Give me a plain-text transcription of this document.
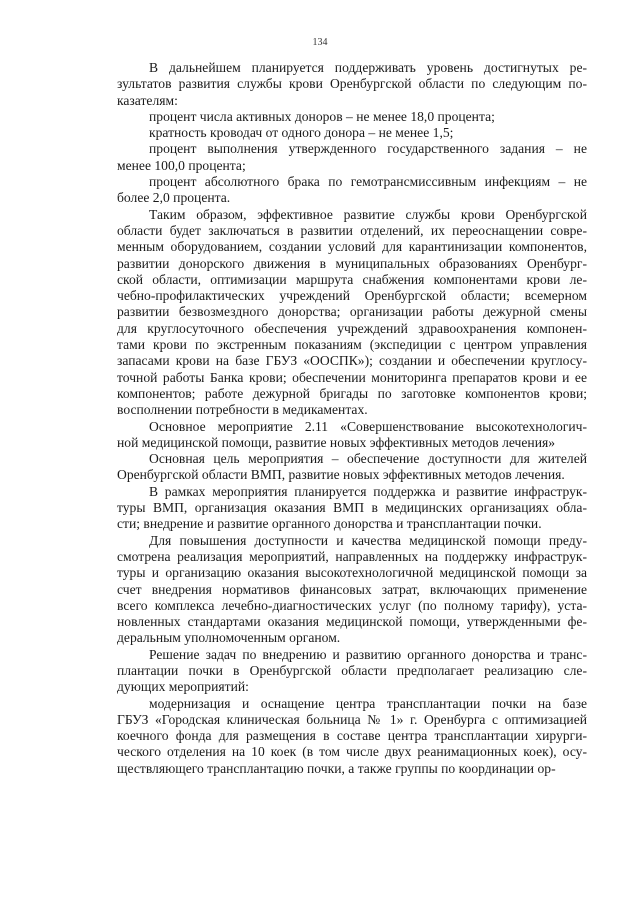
134

В дальнейшем планируется поддерживать уровень достигнутых ре-
зультатов развития службы крови Оренбургской области по следующим по-
казателям:

процент числа активных доноров – не менее 18,0 процента;

кратность кроводач от одного донора – не менее 1,5;

процент выполнения утвержденного государственного задания – не
менее 100,0 процента;

процент абсолютного брака по гемотрансмиссивным инфекциям – не
более 2,0 процента.

Таким образом, эффективное развитие службы крови Оренбургской
области будет заключаться в развитии отделений, их переоснащении совре-
менным оборудованием, создании условий для карантинизации компонентов,
развитии донорского движения в муниципальных образованиях Оренбург-
ской области, оптимизации маршрута снабжения компонентами крови ле-
чебно-профилактических учреждений Оренбургской области; всемерном
развитии безвозмездного донорства; организации работы дежурной смены
для круглосуточного обеспечения учреждений здравоохранения компонен-
тами крови по экстренным показаниям (экспедиции с центром управления
запасами крови на базе ГБУЗ «ООСПК»); создании и обеспечении круглосу-
точной работы Банка крови; обеспечении мониторинга препаратов крови и ее
компонентов; работе дежурной бригады по заготовке компонентов крови;
восполнении потребности в медикаментах.

Основное мероприятие 2.11 «Совершенствование высокотехнологич-
ной медицинской помощи, развитие новых эффективных методов лечения»

Основная цель мероприятия – обеспечение доступности для жителей
Оренбургской области ВМП, развитие новых эффективных методов лечения.

В рамках мероприятия планируется поддержка и развитие инфраструк-
туры ВМП, организация оказания ВМП в медицинских организациях обла-
сти; внедрение и развитие органного донорства и трансплантации почки.

Для повышения доступности и качества медицинской помощи преду-
смотрена реализация мероприятий, направленных на поддержку инфраструк-
туры и организацию оказания высокотехнологичной медицинской помощи за
счет внедрения нормативов финансовых затрат, включающих применение
всего комплекса лечебно-диагностических услуг (по полному тарифу), уста-
новленных стандартами оказания медицинской помощи, утвержденными фе-
деральным уполномоченным органом.

Решение задач по внедрению и развитию органного донорства и транс-
плантации почки в Оренбургской области предполагает реализацию сле-
дующих мероприятий:

модернизация и оснащение центра трансплантации почки на базе
ГБУЗ «Городская клиническая больница № 1» г. Оренбурга с оптимизацией
коечного фонда для размещения в составе центра трансплантации хирурги-
ческого отделения на 10 коек (в том числе двух реанимационных коек), осу-
ществляющего трансплантацию почки, а также группы по координации ор-
